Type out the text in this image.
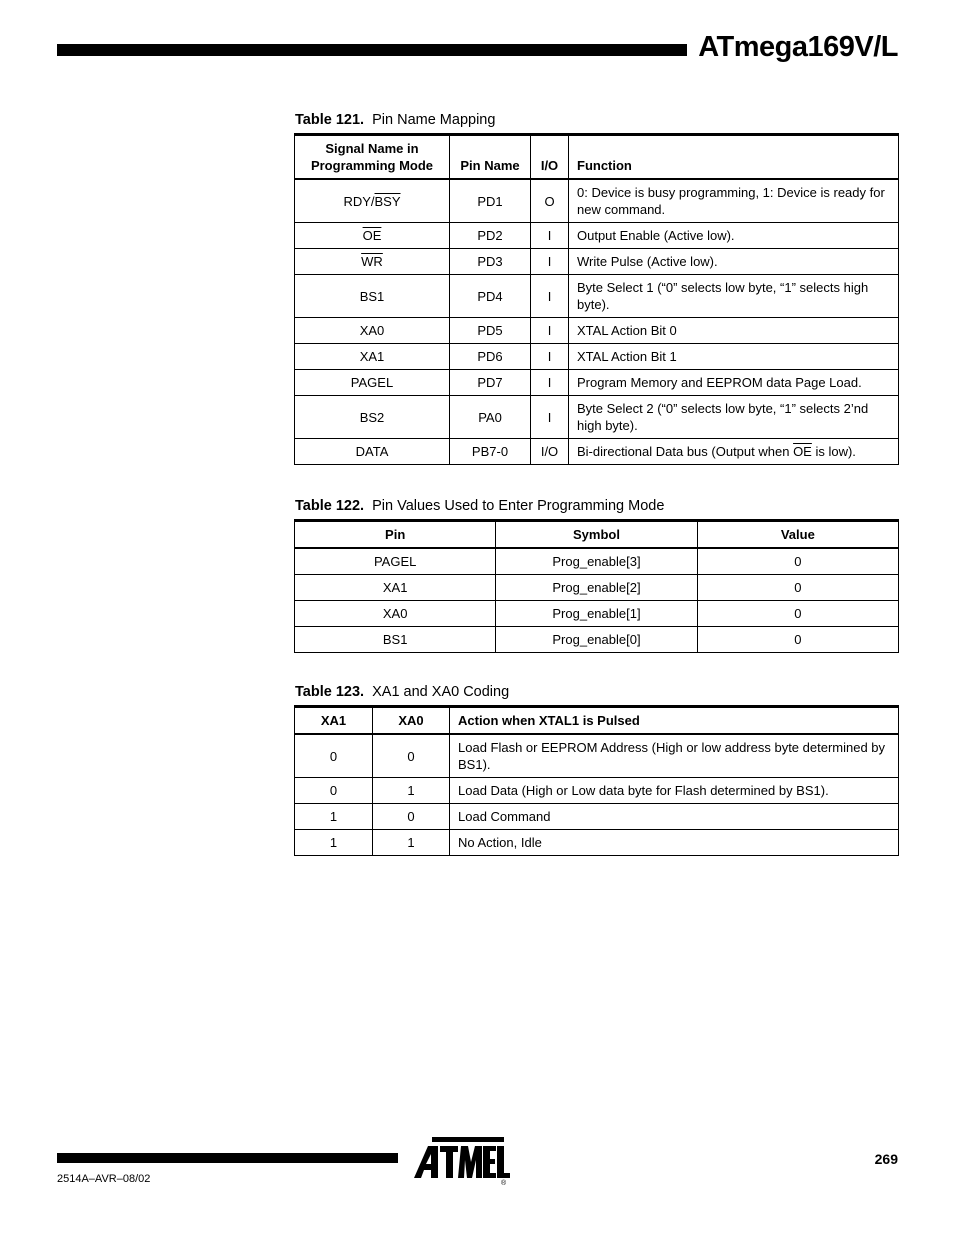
ATmega169V/L
Table 121. Pin Name Mapping
Signal Name in
Programming Mode	Pin Name	I/O	Function
RDY/$\overline{BSY}$	PD1	O	0: Device is busy programming, 1: Device is ready for new command.
$\overline{OE}$	PD2	I	Output Enable (Active low).
$\overline{WR}$	PD3	I	Write Pulse (Active low).
BS1	PD4	I	Byte Select 1 (“0” selects low byte, “1” selects high byte).
XA0	PD5	I	XTAL Action Bit 0
XA1	PD6	I	XTAL Action Bit 1
PAGEL	PD7	I	Program Memory and EEPROM data Page Load.
BS2	PA0	I	Byte Select 2 (“0” selects low byte, “1” selects 2’nd high byte).
DATA	PB7-0	I/O	Bi-directional Data bus (Output when $\overline{OE}$ is low).
Table 122. Pin Values Used to Enter Programming Mode
Pin	Symbol	Value
PAGEL	Prog_enable[3]	0
XA1	Prog_enable[2]	0
XA0	Prog_enable[1]	0
BS1	Prog_enable[0]	0
Table 123. XA1 and XA0 Coding
XA1	XA0	Action when XTAL1 is Pulsed
0	0	Load Flash or EEPROM Address (High or low address byte determined by BS1).
0	1	Load Data (High or Low data byte for Flash determined by BS1).
1	0	Load Command
1	1	No Action, Idle
269
2514A–AVR–08/02	®
